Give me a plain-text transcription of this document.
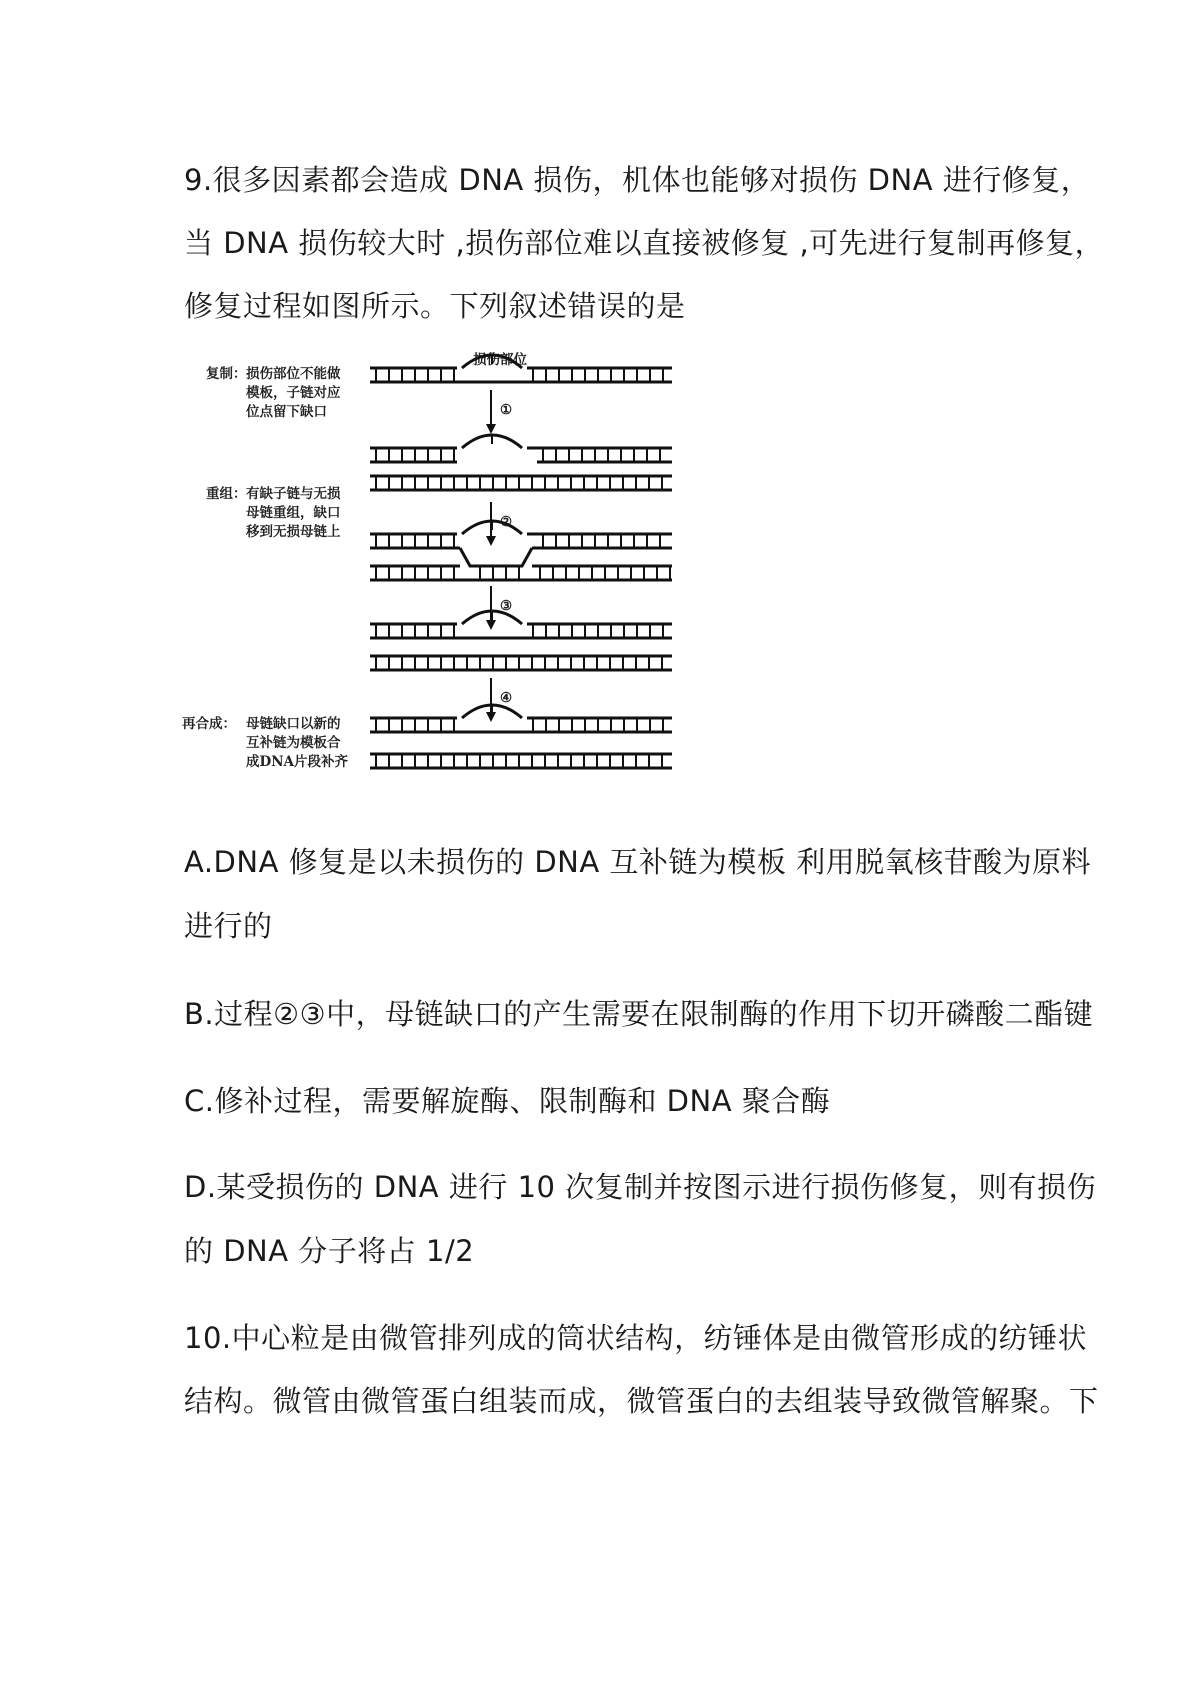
9.很多因素都会造成 DNA 损伤，机体也能够对损伤 DNA 进行修复，
当 DNA 损伤较大时 ,损伤部位难以直接被修复 ,可先进行复制再修复，
修复过程如图所示。下列叙述错误的是
复制： 损伤部位不能做
模板，子链对应
位点留下缺口
重组： 有缺子链与无损
母链重组，缺口
移到无损母链上
再合成： 母链缺口以新的
互补链为模板合
成DNA片段补齐
损伤部位
①
②
③
④
A.DNA 修复是以未损伤的 DNA 互补链为模板 利用脱氧核苷酸为原料
进行的
B.过程②③中，母链缺口的产生需要在限制酶的作用下切开磷酸二酯键
C.修补过程，需要解旋酶、限制酶和 DNA 聚合酶
D.某受损伤的 DNA 进行 10 次复制并按图示进行损伤修复，则有损伤
的 DNA 分子将占 1/2
10.中心粒是由微管排列成的筒状结构，纺锤体是由微管形成的纺锤状
结构。微管由微管蛋白组装而成，微管蛋白的去组装导致微管解聚。下
